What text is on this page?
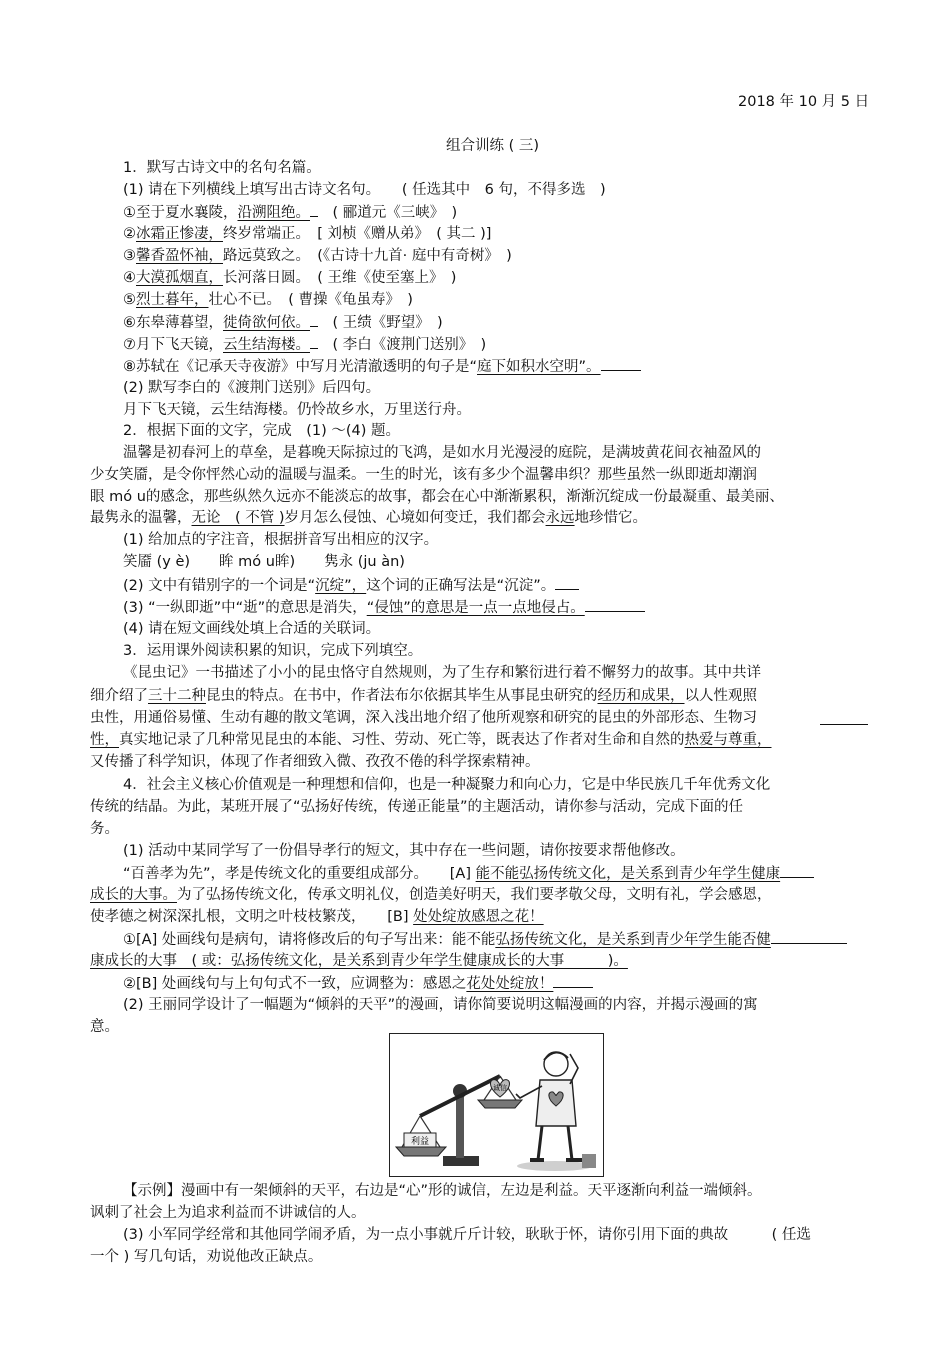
2018 年 10 月 5 日
组合训练 ( 三)
1．默写古诗文中的名句名篇。
(1) 请在下列横线上填写出古诗文名句。　　( 任选其中　6 句，不得多选　)
①至于夏水襄陵，沿溯阻绝。　( 郦道元《三峡》　)
②冰霜正惨凄，终岁常端正。　[ 刘桢《赠从弟》　( 其二 )]
③馨香盈怀袖，路远莫致之。　(《古诗十九首· 庭中有奇树》　)
④大漠孤烟直，长河落日圆。　( 王维《使至塞上》　)
⑤烈士暮年，壮心不已。　( 曹操《龟虽寿》　)
⑥东皋薄暮望，徙倚欲何依。　( 王绩《野望》　)
⑦月下飞天镜，云生结海楼。　( 李白《渡荆门送别》　)
⑧苏轼在《记承天寺夜游》中写月光清澈透明的句子是“庭下如积水空明”。
(2) 默写李白的《渡荆门送别》后四句。
月下飞天镜，云生结海楼。仍怜故乡水，万里送行舟。
2．根据下面的文字，完成　(1) ～(4) 题。
温馨是初春河上的草垒，是暮晚天际掠过的飞鸿，是如水月光漫浸的庭院，是满坡黄花间衣袖盈风的
少女笑靥，是令你怦然心动的温暖与温柔。一生的时光，该有多少个温馨串织？那些虽然一纵即逝却潮润
眼 mó ‍u的感念，那些纵然久远亦不能淡忘的故事，都会在心中渐渐累积，渐渐沉绽成一份最凝重、最美丽、
最隽永的温馨，无论　( 不管 )岁月怎么侵蚀、心境如何变迁，我们都会永远地珍惜它。
(1) 给加点的字注音，根据拼音写出相应的汉字。
笑靥 (y è)　　眸 mó ‍u眸)　　隽永 (ju àn)
(2) 文中有错别字的一个词是“沉绽”，这个词的正确写法是“沉淀”。
(3) “一纵即逝”中“逝”的意思是消失，“侵蚀”的意思是一点一点地侵占。
(4) 请在短文画线处填上合适的关联词。
3．运用课外阅读积累的知识，完成下列填空。
《昆虫记》一书描述了小小的昆虫恪守自然规则，为了生存和繁衍进行着不懈努力的故事。其中共详
细介绍了三十二种昆虫的特点。在书中，作者法布尔依据其毕生从事昆虫研究的经历和成果，以人性观照
虫性，用通俗易懂、生动有趣的散文笔调，深入浅出地介绍了他所观察和研究的昆虫的外部形态、生物习
性，真实地记录了几种常见昆虫的本能、习性、劳动、死亡等，既表达了作者对生命和自然的热爱与尊重，
又传播了科学知识，体现了作者细致入微、孜孜不倦的科学探索精神。
4．社会主义核心价值观是一种理想和信仰，也是一种凝聚力和向心力，它是中华民族几千年优秀文化
传统的结晶。为此，某班开展了“弘扬好传统，传递正能量”的主题活动，请你参与活动，完成下面的任
务。
(1) 活动中某同学写了一份倡导孝行的短文，其中存在一些问题，请你按要求帮他修改。
“百善孝为先”，孝是传统文化的重要组成部分。　　[A] 能不能弘扬传统文化，是关系到青少年学生健康
成长的大事。为了弘扬传统文化，传承文明礼仪，创造美好明天，我们要孝敬父母，文明有礼，学会感恩，
使孝德之树深深扎根，文明之叶枝枝繁茂，　　[B] 处处绽放感恩之花！
①[A] 处画线句是病句，请将修改后的句子写出来：能不能弘扬传统文化，是关系到青少年学生能否健
康成长的大事　( 或：弘扬传统文化，是关系到青少年学生健康成长的大事　　　)。
②[B] 处画线句与上句句式不一致，应调整为：感恩之花处处绽放！
(2) 王丽同学设计了一幅题为“倾斜的天平”的漫画，请你简要说明这幅漫画的内容，并揭示漫画的寓
意。
利益
诚信
【示例】漫画中有一架倾斜的天平，右边是“心”形的诚信，左边是利益。天平逐渐向利益一端倾斜。
讽刺了社会上为追求利益而不讲诚信的人。
(3) 小军同学经常和其他同学闹矛盾，为一点小事就斤斤计较，耿耿于怀，请你引用下面的典故　　　( 任选
一个 ) 写几句话，劝说他改正缺点。
